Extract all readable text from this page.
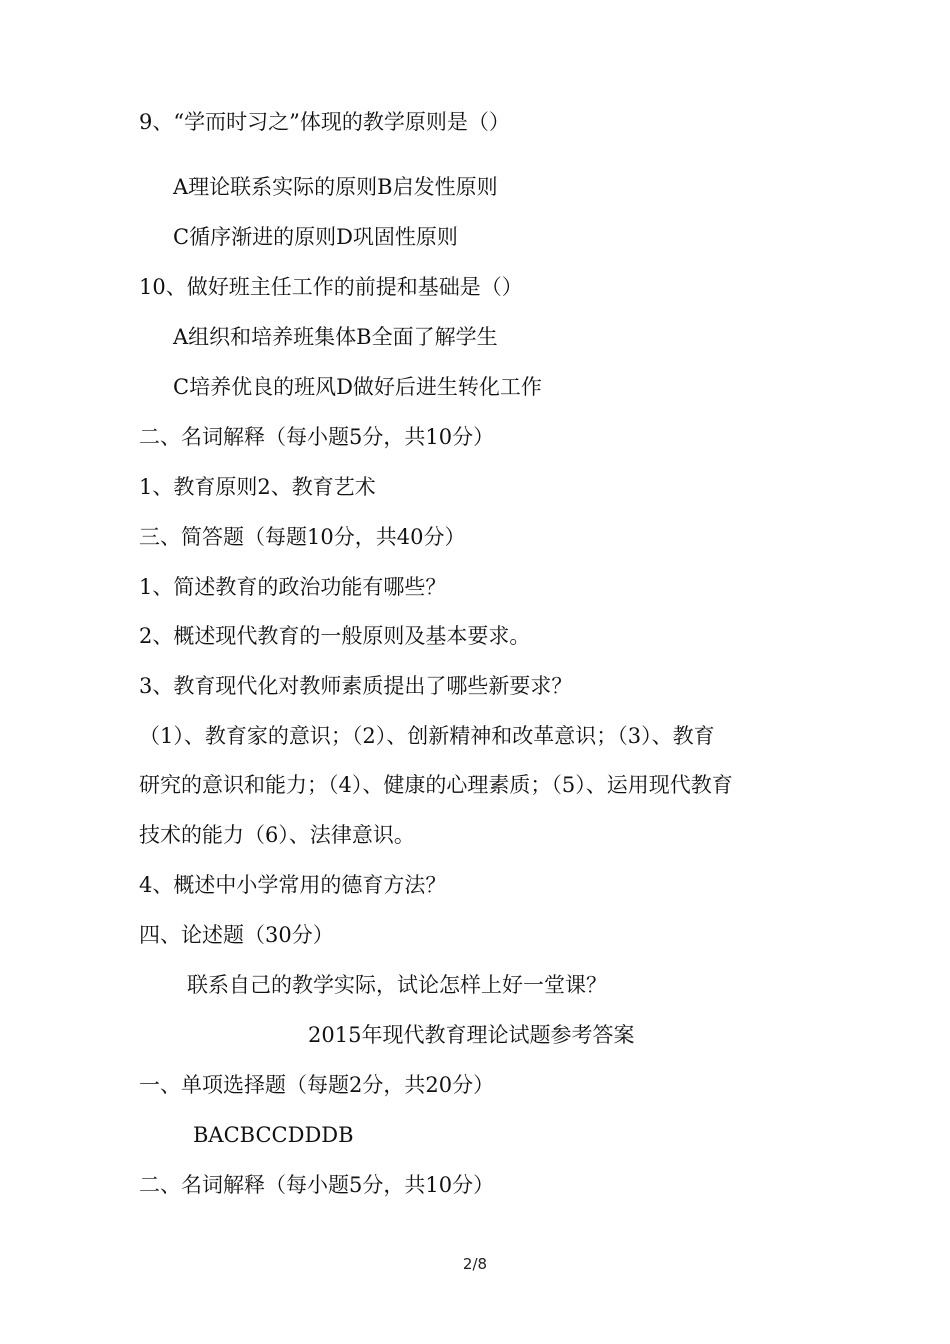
9、“学而时习之”体现的教学原则是（）
A理论联系实际的原则B启发性原则
C循序渐进的原则D巩固性原则
10、做好班主任工作的前提和基础是（）
A组织和培养班集体B全面了解学生
C培养优良的班风D做好后进生转化工作
二、名词解释（每小题5分，共10分）
1、教育原则2、教育艺术
三、简答题（每题10分，共40分）
1、简述教育的政治功能有哪些？
2、概述现代教育的一般原则及基本要求。
3、教育现代化对教师素质提出了哪些新要求？
（1）、教育家的意识；（2）、创新精神和改革意识；（3）、教育
研究的意识和能力；（4）、健康的心理素质；（5）、运用现代教育
技术的能力（6）、法律意识。
4、概述中小学常用的德育方法？
四、论述题（30分）
联系自己的教学实际，试论怎样上好一堂课？
2015年现代教育理论试题参考答案
一、单项选择题（每题2分，共20分）
BACBCCDDDB
二、名词解释（每小题5分，共10分）
2/8
